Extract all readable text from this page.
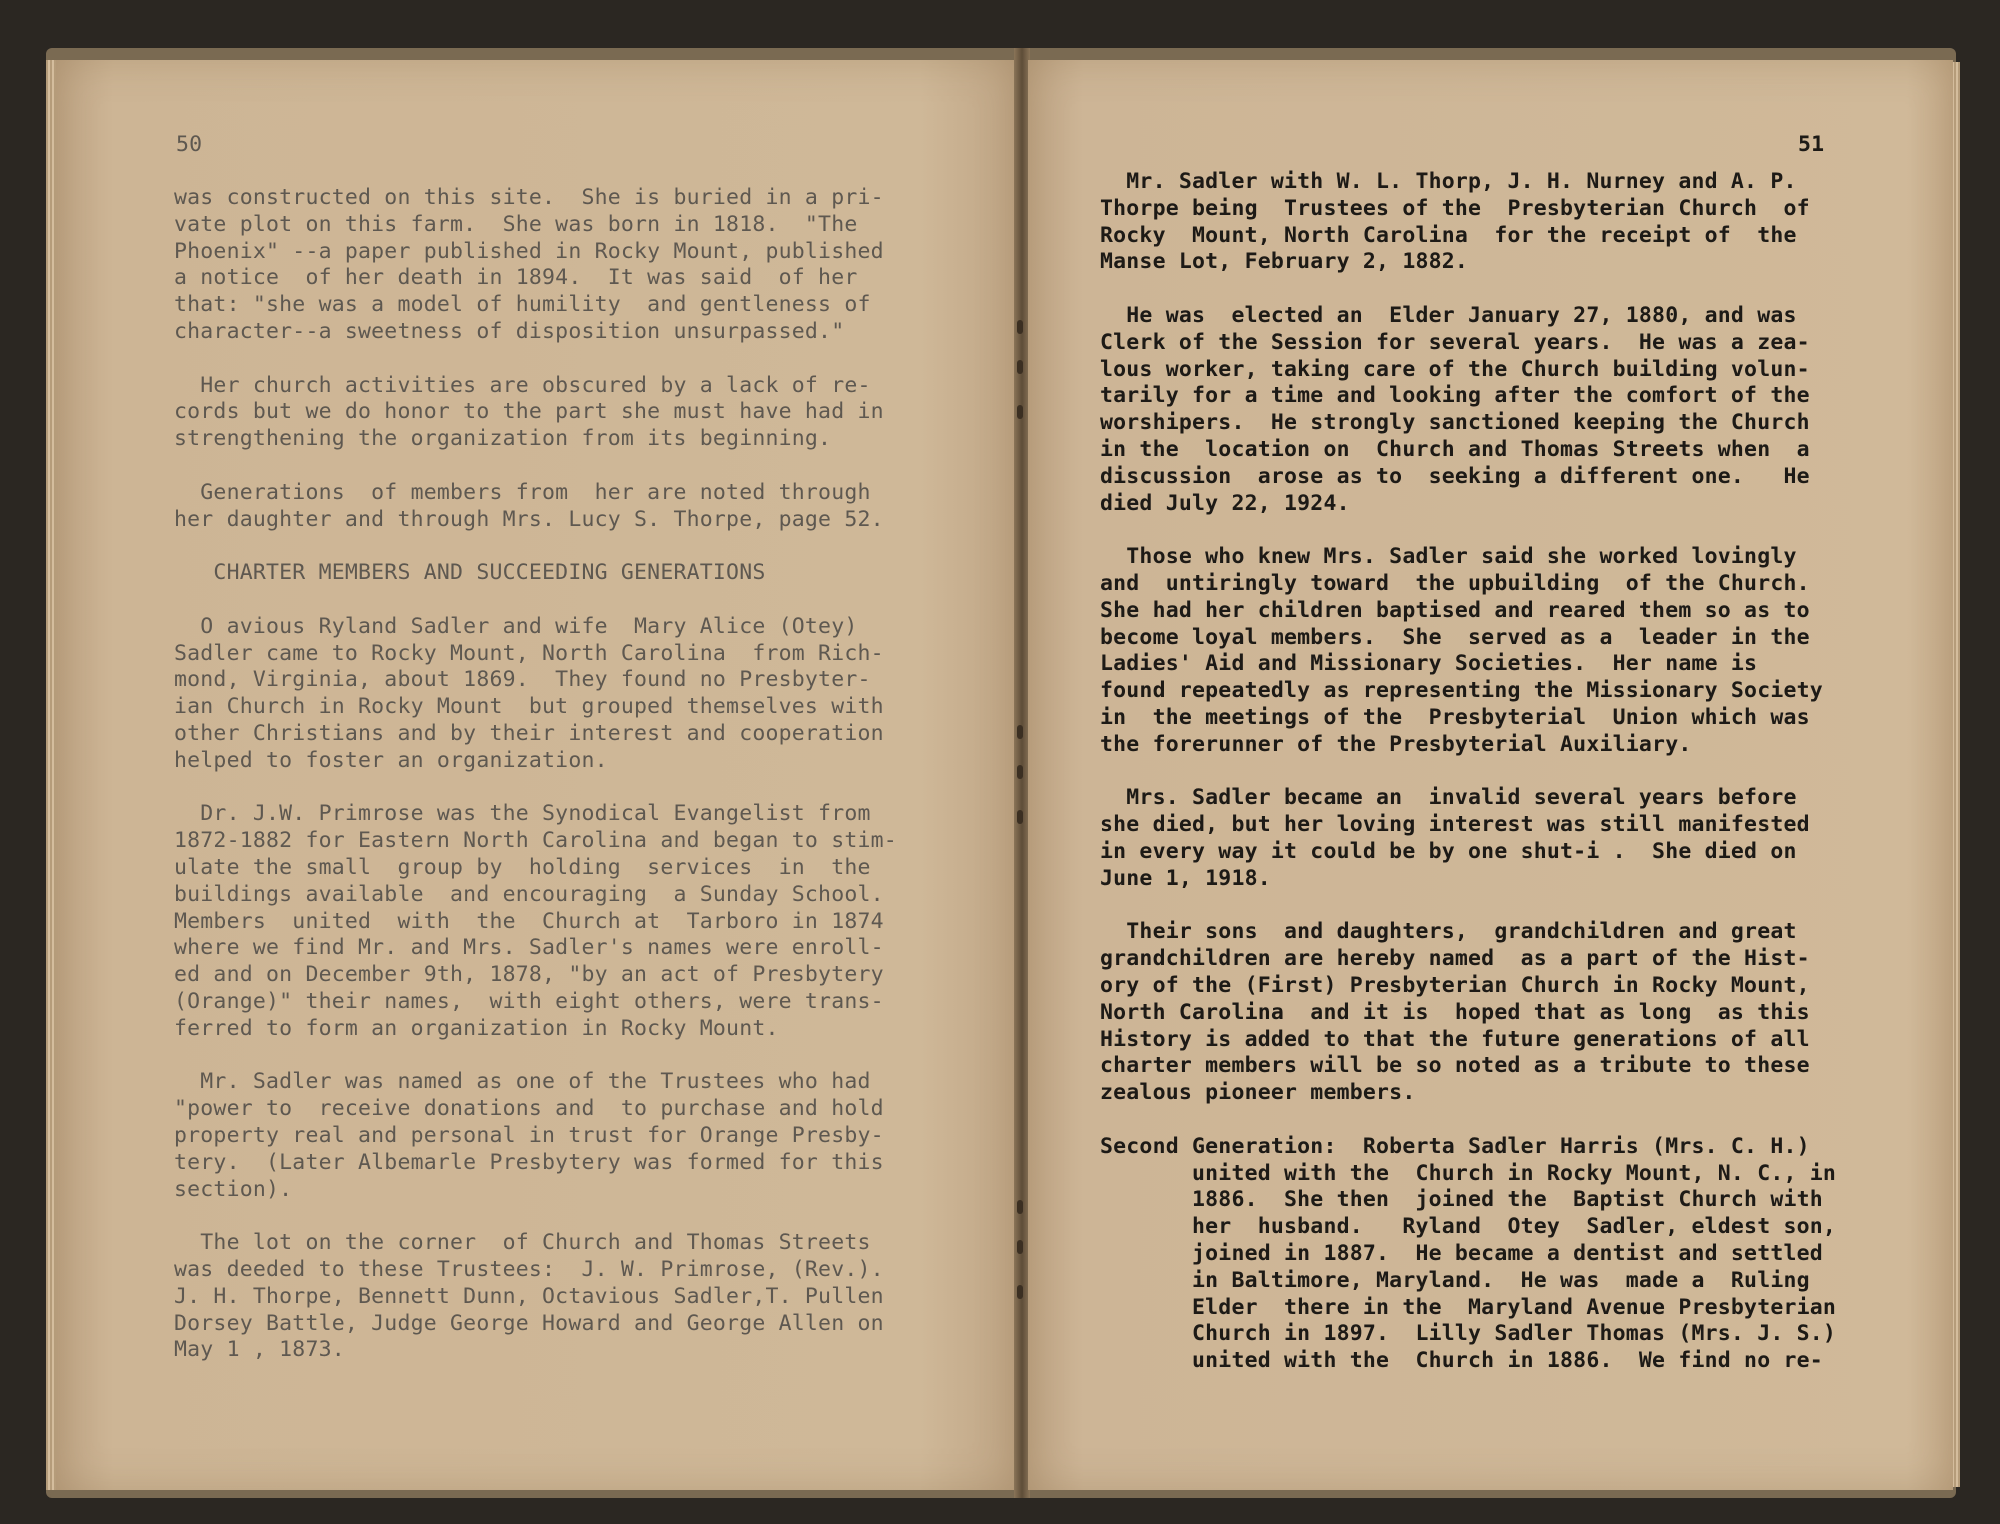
50
was constructed on this site.  She is buried in a pri-
vate plot on this farm.  She was born in 1818.  "The
Phoenix" --a paper published in Rocky Mount, published
a notice  of her death in 1894.  It was said  of her
that: "she was a model of humility  and gentleness of
character--a sweetness of disposition unsurpassed."
Her church activities are obscured by a lack of re-
cords but we do honor to the part she must have had in
strengthening the organization from its beginning.
Generations  of members from  her are noted through
her daughter and through Mrs. Lucy S. Thorpe, page 52.
CHARTER MEMBERS AND SUCCEEDING GENERATIONS
O avious Ryland Sadler and wife  Mary Alice (Otey)
Sadler came to Rocky Mount, North Carolina  from Rich-
mond, Virginia, about 1869.  They found no Presbyter-
ian Church in Rocky Mount  but grouped themselves with
other Christians and by their interest and cooperation
helped to foster an organization.
Dr. J.W. Primrose was the Synodical Evangelist from
1872-1882 for Eastern North Carolina and began to stim-
ulate the small  group by  holding  services  in  the
buildings available  and encouraging  a Sunday School.
Members  united  with  the  Church at  Tarboro in 1874
where we find Mr. and Mrs. Sadler's names were enroll-
ed and on December 9th, 1878, "by an act of Presbytery
(Orange)" their names,  with eight others, were trans-
ferred to form an organization in Rocky Mount.
Mr. Sadler was named as one of the Trustees who had
"power to  receive donations and  to purchase and hold
property real and personal in trust for Orange Presby-
tery.  (Later Albemarle Presbytery was formed for this
section).
The lot on the corner  of Church and Thomas Streets
was deeded to these Trustees:  J. W. Primrose, (Rev.).
J. H. Thorpe, Bennett Dunn, Octavious Sadler,T. Pullen
Dorsey Battle, Judge George Howard and George Allen on
May 1 , 1873.
51
Mr. Sadler with W. L. Thorp, J. H. Nurney and A. P.
Thorpe being  Trustees of the  Presbyterian Church  of
Rocky  Mount, North Carolina  for the receipt of  the
Manse Lot, February 2, 1882.
He was  elected an  Elder January 27, 1880, and was
Clerk of the Session for several years.  He was a zea-
lous worker, taking care of the Church building volun-
tarily for a time and looking after the comfort of the
worshipers.  He strongly sanctioned keeping the Church
in the  location on  Church and Thomas Streets when  a
discussion  arose as to  seeking a different one.   He
died July 22, 1924.
Those who knew Mrs. Sadler said she worked lovingly
and  untiringly toward  the upbuilding  of the Church.
She had her children baptised and reared them so as to
become loyal members.  She  served as a  leader in the
Ladies' Aid and Missionary Societies.  Her name is
found repeatedly as representing the Missionary Society
in  the meetings of the  Presbyterial  Union which was
the forerunner of the Presbyterial Auxiliary.
Mrs. Sadler became an  invalid several years before
she died, but her loving interest was still manifested
in every way it could be by one shut-i .  She died on
June 1, 1918.
Their sons  and daughters,  grandchildren and great
grandchildren are hereby named  as a part of the Hist-
ory of the (First) Presbyterian Church in Rocky Mount,
North Carolina  and it is  hoped that as long  as this
History is added to that the future generations of all
charter members will be so noted as a tribute to these
zealous pioneer members.
Second Generation:  Roberta Sadler Harris (Mrs. C. H.)
united with the  Church in Rocky Mount, N. C., in
1886.  She then  joined the  Baptist Church with
her  husband.   Ryland  Otey  Sadler, eldest son,
joined in 1887.  He became a dentist and settled
in Baltimore, Maryland.  He was  made a  Ruling
Elder  there in the  Maryland Avenue Presbyterian
Church in 1897.  Lilly Sadler Thomas (Mrs. J. S.)
united with the  Church in 1886.  We find no re-
